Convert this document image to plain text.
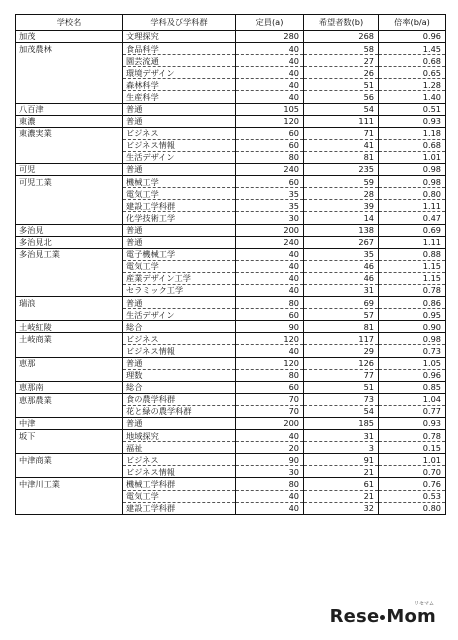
学校名	学科及び学科群	定員(a)	希望者数(b)	倍率(b/a)
加茂	文理探究	280	268	0.96
加茂農林	食品科学	40	58	1.45
	園芸流通	40	27	0.68
	環境デザイン	40	26	0.65
	森林科学	40	51	1.28
	生産科学	40	56	1.40
八百津	普通	105	54	0.51
東濃	普通	120	111	0.93
東濃実業	ビジネス	60	71	1.18
	ビジネス情報	60	41	0.68
	生活デザイン	80	81	1.01
可児	普通	240	235	0.98
可児工業	機械工学	60	59	0.98
	電気工学	35	28	0.80
	建設工学科群	35	39	1.11
	化学技術工学	30	14	0.47
多治見	普通	200	138	0.69
多治見北	普通	240	267	1.11
多治見工業	電子機械工学	40	35	0.88
	電気工学	40	46	1.15
	産業デザイン工学	40	46	1.15
	セラミック工学	40	31	0.78
瑞浪	普通	80	69	0.86
	生活デザイン	60	57	0.95
土岐紅陵	総合	90	81	0.90
土岐商業	ビジネス	120	117	0.98
	ビジネス情報	40	29	0.73
恵那	普通	120	126	1.05
	理数	80	77	0.96
恵那南	総合	60	51	0.85
恵那農業	食の農学科群	70	73	1.04
	花と緑の農学科群	70	54	0.77
中津	普通	200	185	0.93
坂下	地域探究	40	31	0.78
	福祉	20	3	0.15
中津商業	ビジネス	90	91	1.01
	ビジネス情報	30	21	0.70
中津川工業	機械工学科群	80	61	0.76
	電気工学	40	21	0.53
	建設工学科群	40	32	0.80
リセマム
Rese Mom
